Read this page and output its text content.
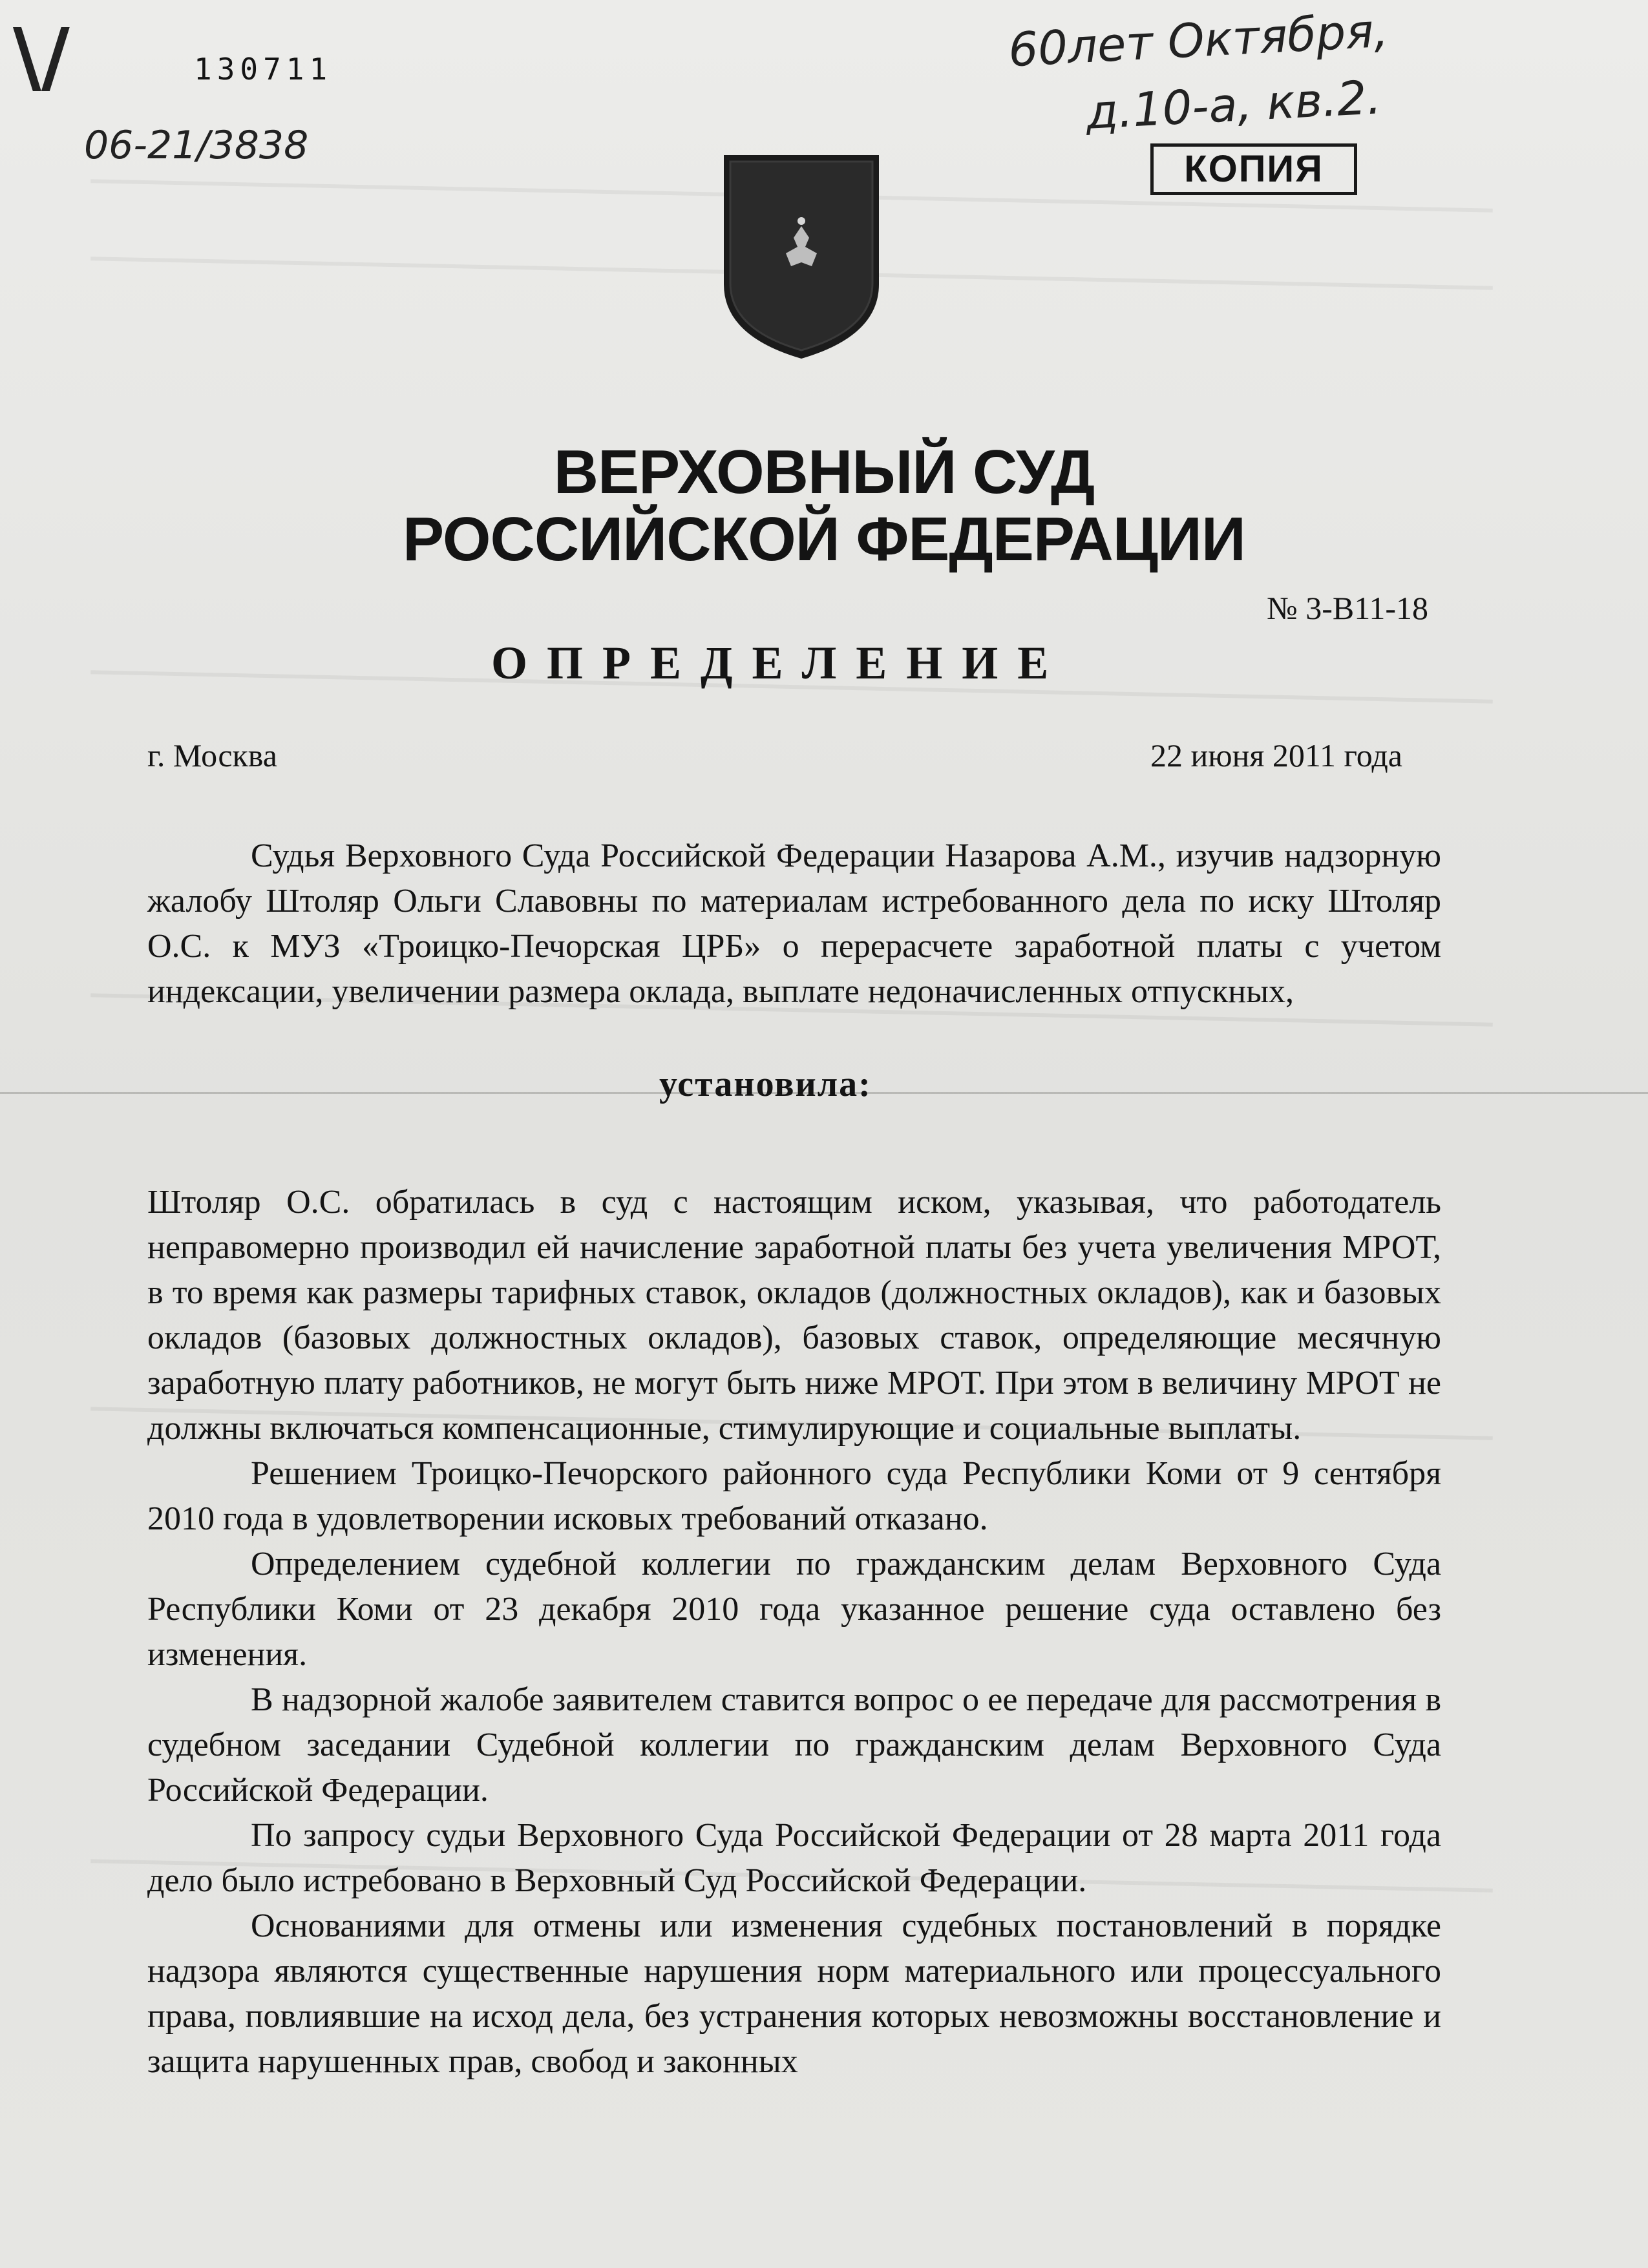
\/	130711
06-21/3838
60лет Октября,
д.10-а, кв.2.
КОПИЯ
ВЕРХОВНЫЙ СУД
РОССИЙСКОЙ ФЕДЕРАЦИИ
№ 3-В11-18
ОПРЕДЕЛЕНИЕ
г. Москва	22 июня 2011 года

Судья Верховного Суда Российской Федерации Назарова А.М., изучив надзорную жалобу Штоляр Ольги Славовны по материалам истребованного дела по иску Штоляр О.С. к МУЗ «Троицко-Печорская ЦРБ» о перерасчете заработной платы с учетом индексации, увеличении размера оклада, выплате недоначисленных отпускных,

установила:

Штоляр О.С. обратилась в суд с настоящим иском, указывая, что работодатель неправомерно производил ей начисление заработной платы без учета увеличения МРОТ, в то время как размеры тарифных ставок, окладов (должностных окладов), как и базовых окладов (базовых должностных окладов), базовых ставок, определяющие месячную заработную плату работников, не могут быть ниже МРОТ. При этом в величину МРОТ не должны включаться компенсационные, стимулирующие и социальные выплаты.

Решением Троицко-Печорского районного суда Республики Коми от 9 сентября 2010 года в удовлетворении исковых требований отказано.

Определением судебной коллегии по гражданским делам Верховного Суда Республики Коми от 23 декабря 2010 года указанное решение суда оставлено без изменения.

В надзорной жалобе заявителем ставится вопрос о ее передаче для рассмотрения в судебном заседании Судебной коллегии по гражданским делам Верховного Суда Российской Федерации.

По запросу судьи Верховного Суда Российской Федерации от 28 марта 2011 года дело было истребовано в Верховный Суд Российской Федерации.

Основаниями для отмены или изменения судебных постановлений в порядке надзора являются существенные нарушения норм материального или процессуального права, повлиявшие на исход дела, без устранения которых невозможны восстановление и защита нарушенных прав, свобод и законных
